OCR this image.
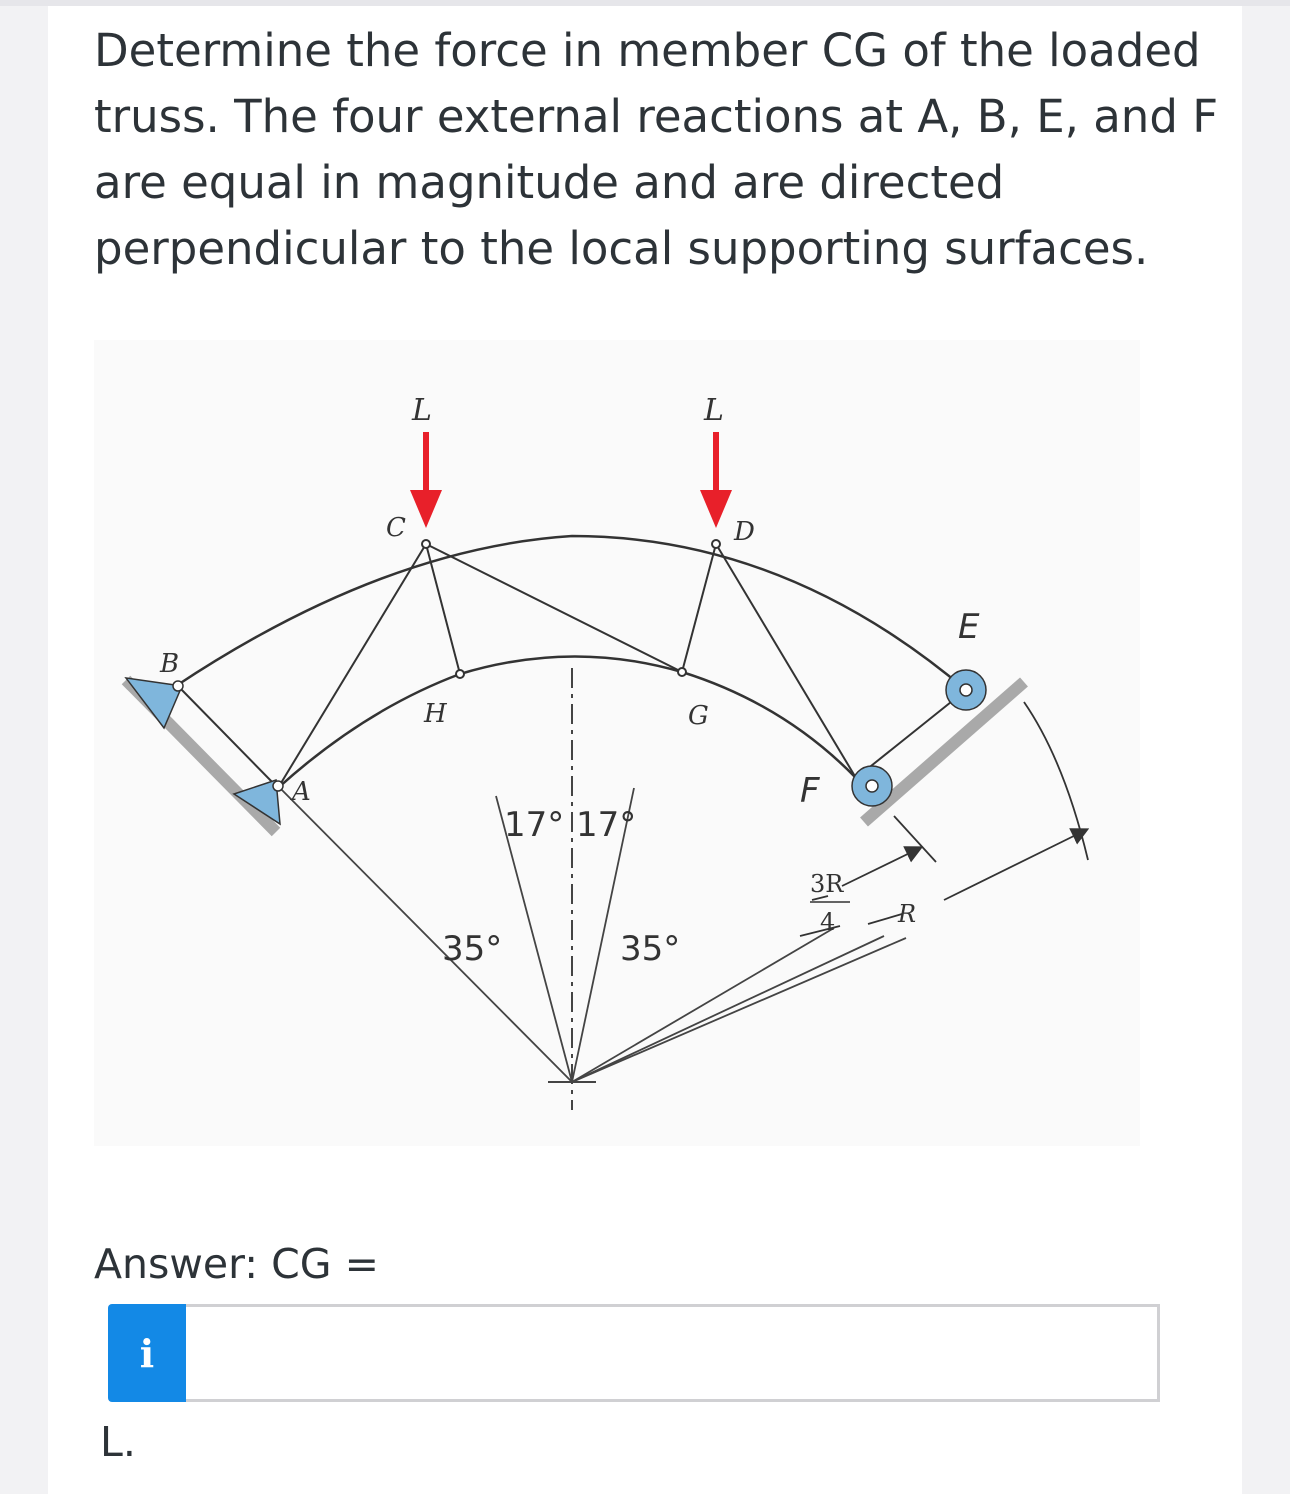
Determine the force in member CG of the loaded truss. The four external reactions at A, B, E, and F are equal in magnitude and are directed perpendicular to the local supporting surfaces.

L	L
C	D
B
A
H	G
E
F
17° 17°
35°	35°
3R
4	R
Answer: CG =
i
L.
